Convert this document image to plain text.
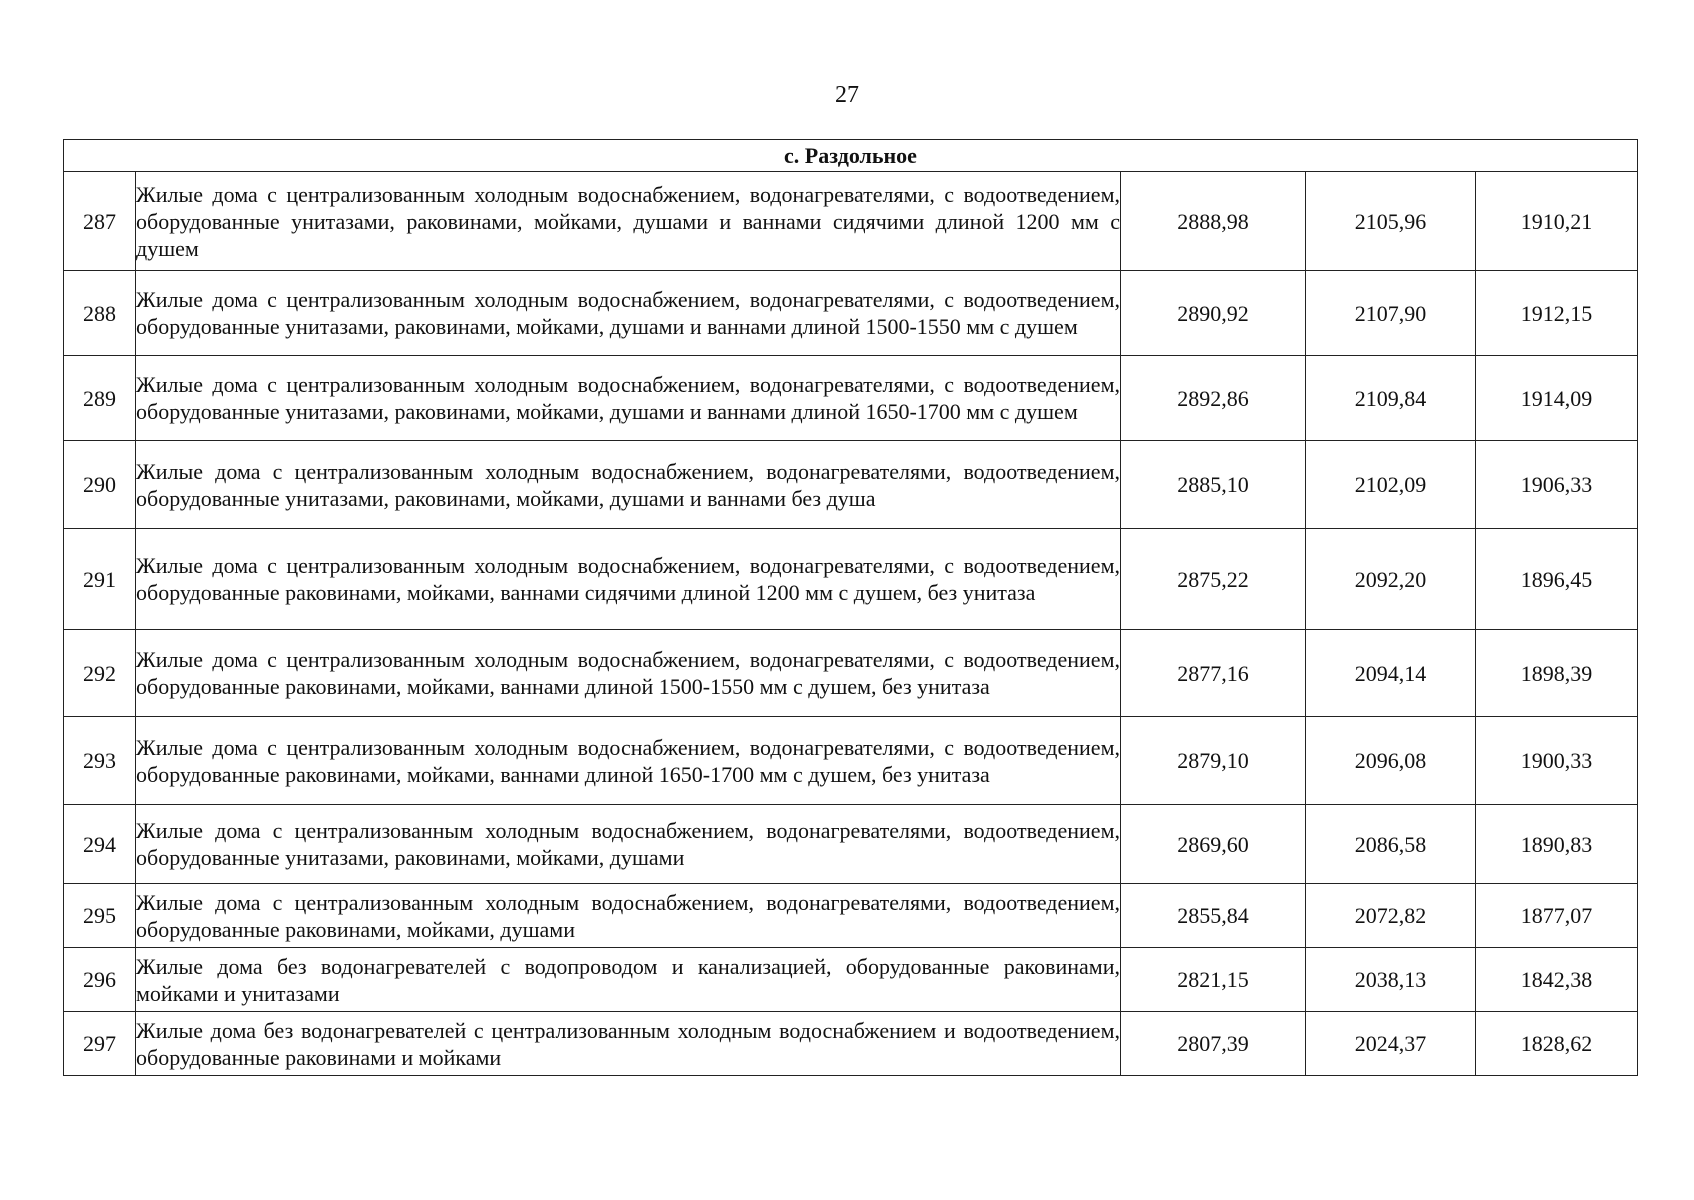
27
с. Раздольное				
287	Жилые дома с централизованным холодным водоснабжением, водонагревателями, с водоотведением, оборудованные унитазами, раковинами, мойками, душами и ваннами сидячими длиной 1200 мм с душем	2888,98	2105,96	1910,21
288	Жилые дома с централизованным холодным водоснабжением, водонагревателями, с водоотведением, оборудованные унитазами, раковинами, мойками, душами и ваннами длиной 1500-1550 мм с душем	2890,92	2107,90	1912,15
289	Жилые дома с централизованным холодным водоснабжением, водонагревателями, с водоотведением, оборудованные унитазами, раковинами, мойками, душами и ваннами длиной 1650-1700 мм с душем	2892,86	2109,84	1914,09
290	Жилые дома с централизованным холодным водоснабжением, водонагревателями, водоотведением, оборудованные унитазами, раковинами, мойками, душами и ваннами без душа	2885,10	2102,09	1906,33
291	Жилые дома с централизованным холодным водоснабжением, водонагревателями, с водоотведением, оборудованные раковинами, мойками, ваннами сидячими длиной 1200 мм с душем, без унитаза	2875,22	2092,20	1896,45
292	Жилые дома с централизованным холодным водоснабжением, водонагревателями, с водоотведением, оборудованные раковинами, мойками, ваннами длиной 1500-1550 мм с душем, без унитаза	2877,16	2094,14	1898,39
293	Жилые дома с централизованным холодным водоснабжением, водонагревателями, с водоотведением, оборудованные раковинами, мойками, ваннами длиной 1650-1700 мм с душем, без унитаза	2879,10	2096,08	1900,33
294	Жилые дома с централизованным холодным водоснабжением, водонагревателями, водоотведением, оборудованные унитазами, раковинами, мойками, душами	2869,60	2086,58	1890,83
295	Жилые дома с централизованным холодным водоснабжением, водонагревателями, водоотведением, оборудованные раковинами, мойками, душами	2855,84	2072,82	1877,07
296	Жилые дома без водонагревателей с водопроводом и канализацией, оборудованные раковинами, мойками и унитазами	2821,15	2038,13	1842,38
297	Жилые дома без водонагревателей с централизованным холодным водоснабжением и водоотведением, оборудованные раковинами и мойками	2807,39	2024,37	1828,62
